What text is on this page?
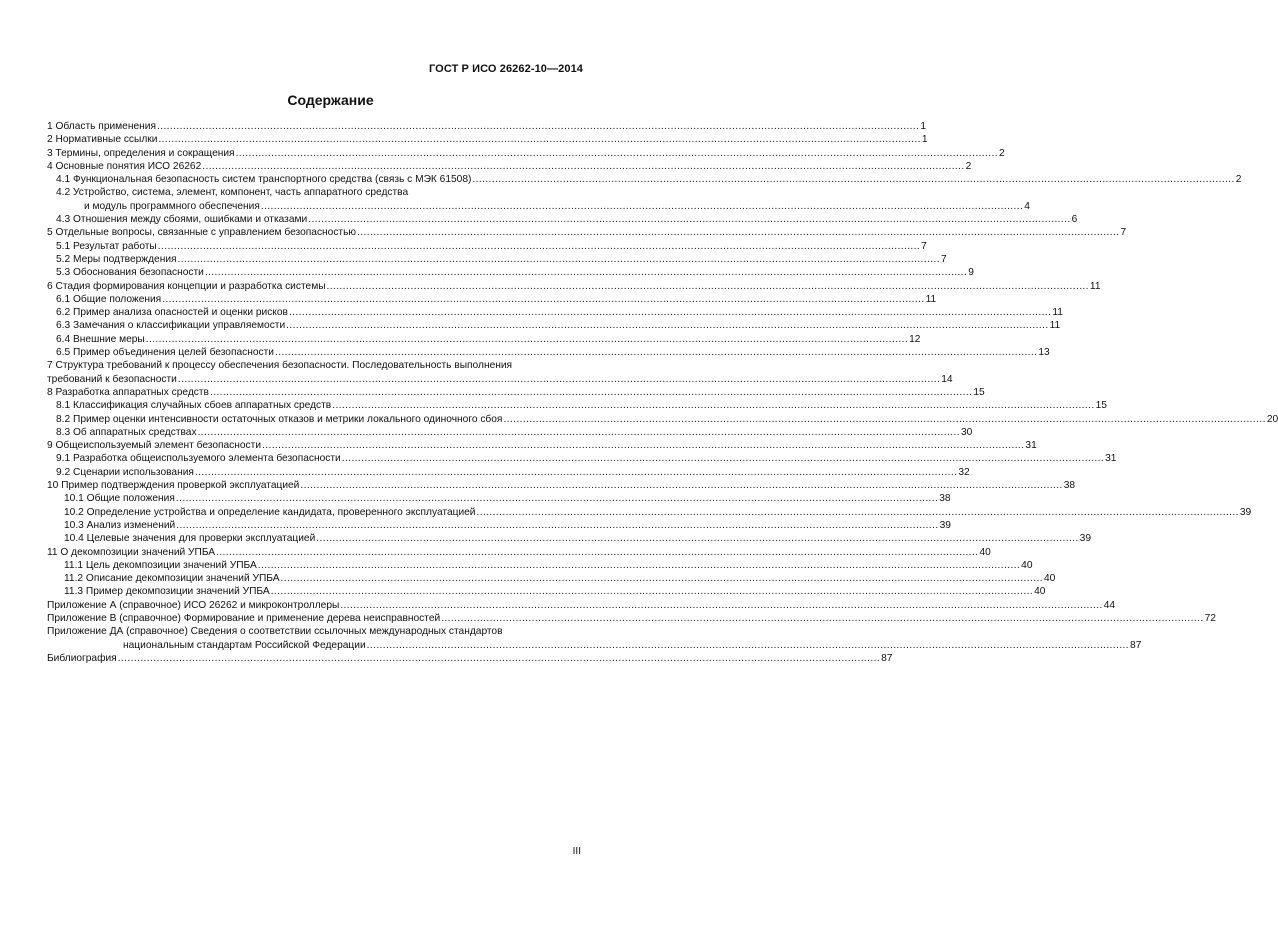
ГОСТ Р ИСО 26262-10—2014
Содержание
1 Область применения .....	1
2 Нормативные ссылки .....	1
3 Термины, определения и сокращения .....	2
4 Основные понятия ИСО 26262 .....	2
4.1 Функциональная безопасность систем транспортного средства (связь с МЭК 61508) .....	2
4.2 Устройство, система, элемент, компонент, часть аппаратного средства
и модуль программного обеспечения .....	4
4.3 Отношения между сбоями, ошибками и отказами .....	6
5 Отдельные вопросы, связанные с управлением безопасностью .....	7
5.1 Результат работы .....	7
5.2 Меры подтверждения .....	7
5.3 Обоснования безопасности .....	9
6 Стадия формирования концепции и разработка системы .....	11
6.1 Общие положения .....	11
6.2 Пример анализа опасностей и оценки рисков .....	11
6.3 Замечания о классификации управляемости .....	11
6.4 Внешние меры .....	12
6.5 Пример объединения целей безопасности .....	13
7 Структура требований к процессу обеспечения безопасности. Последовательность выполнения
требований к безопасности .....	14
8 Разработка аппаратных средств .....	15
8.1 Классификация случайных сбоев аппаратных средств .....	15
8.2 Пример оценки интенсивности остаточных отказов и метрики локального одиночного сбоя .....	20
8.3 Об аппаратных средствах .....	30
9 Общеиспользуемый элемент безопасности .....	31
9.1 Разработка общеиспользуемого элемента безопасности .....	31
9.2 Сценарии использования .....	32
10 Пример подтверждения проверкой эксплуатацией .....	38
10.1 Общие положения .....	38
10.2 Определение устройства и определение кандидата, проверенного эксплуатацией .....	39
10.3 Анализ изменений .....	39
10.4 Целевые значения для проверки эксплуатацией .....	39
11 О декомпозиции значений УПБА .....	40
11.1 Цель декомпозиции значений УПБА .....	40
11.2 Описание декомпозиции значений УПБА .....	40
11.3 Пример декомпозиции значений УПБА .....	40
Приложение А (справочное) ИСО 26262 и микроконтроллеры .....	44
Приложение В (справочное) Формирование и применение дерева неисправностей .....	72
Приложение ДА (справочное) Сведения о соответствии ссылочных международных стандартов
национальным стандартам Российской Федерации .....	87
Библиография .....	87
III
